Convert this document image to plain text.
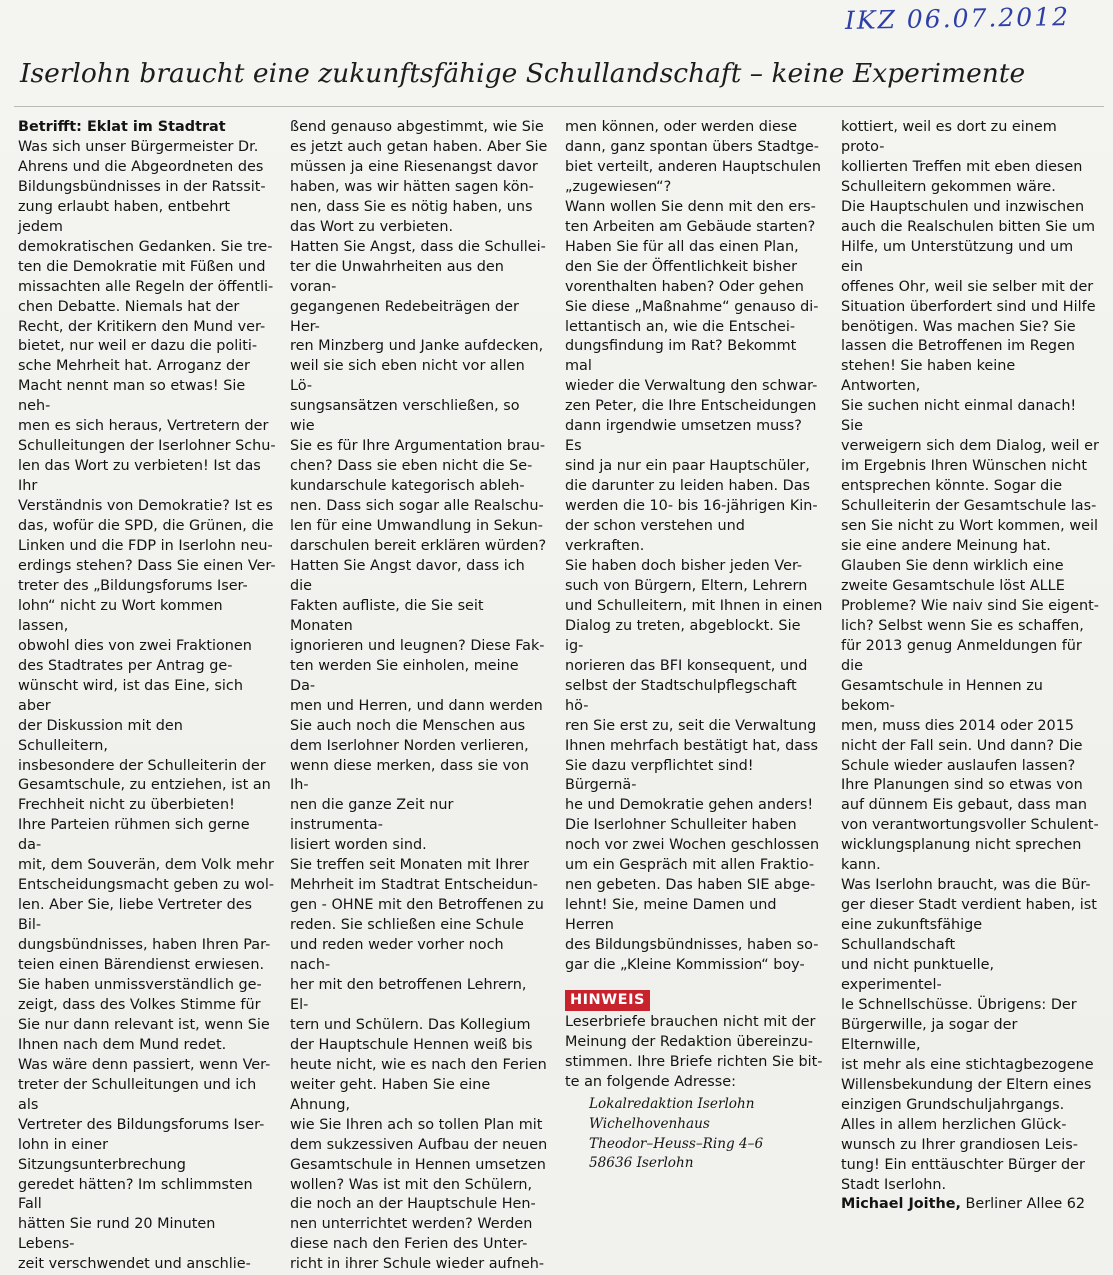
IKZ 06.07.2012
Iserlohn braucht eine zukunftsfähige Schullandschaft – keine Experimente
Betrifft: Eklat im Stadtrat

Was sich unser Bürgermeister Dr.
Ahrens und die Abgeordneten des
Bildungsbündnisses in der Ratssit-
zung erlaubt haben, entbehrt jedem
demokratischen Gedanken. Sie tre-
ten die Demokratie mit Füßen und
missachten alle Regeln der öffentli-
chen Debatte. Niemals hat der
Recht, der Kritikern den Mund ver-
bietet, nur weil er dazu die politi-
sche Mehrheit hat. Arroganz der
Macht nennt man so etwas! Sie neh-
men es sich heraus, Vertretern der
Schulleitungen der Iserlohner Schu-
len das Wort zu verbieten! Ist das Ihr
Verständnis von Demokratie? Ist es
das, wofür die SPD, die Grünen, die
Linken und die FDP in Iserlohn neu-
erdings stehen? Dass Sie einen Ver-
treter des „Bildungsforums Iser-
lohn“ nicht zu Wort kommen lassen,
obwohl dies von zwei Fraktionen
des Stadtrates per Antrag ge-
wünscht wird, ist das Eine, sich aber
der Diskussion mit den Schulleitern,
insbesondere der Schulleiterin der
Gesamtschule, zu entziehen, ist an
Frechheit nicht zu überbieten!
Ihre Parteien rühmen sich gerne da-
mit, dem Souverän, dem Volk mehr
Entscheidungsmacht geben zu wol-
len. Aber Sie, liebe Vertreter des Bil-
dungsbündnisses, haben Ihren Par-
teien einen Bärendienst erwiesen.
Sie haben unmissverständlich ge-
zeigt, dass des Volkes Stimme für
Sie nur dann relevant ist, wenn Sie
Ihnen nach dem Mund redet.
Was wäre denn passiert, wenn Ver-
treter der Schulleitungen und ich als
Vertreter des Bildungsforums Iser-
lohn in einer Sitzungsunterbrechung
geredet hätten? Im schlimmsten Fall
hätten Sie rund 20 Minuten Lebens-
zeit verschwendet und anschlie-

ßend genauso abgestimmt, wie Sie
es jetzt auch getan haben. Aber Sie
müssen ja eine Riesenangst davor
haben, was wir hätten sagen kön-
nen, dass Sie es nötig haben, uns
das Wort zu verbieten.
Hatten Sie Angst, dass die Schullei-
ter die Unwahrheiten aus den voran-
gegangenen Redebeiträgen der Her-
ren Minzberg und Janke aufdecken,
weil sie sich eben nicht vor allen Lö-
sungsansätzen verschließen, so wie
Sie es für Ihre Argumentation brau-
chen? Dass sie eben nicht die Se-
kundarschule kategorisch ableh-
nen. Dass sich sogar alle Realschu-
len für eine Umwandlung in Sekun-
darschulen bereit erklären würden?
Hatten Sie Angst davor, dass ich die
Fakten aufliste, die Sie seit Monaten
ignorieren und leugnen? Diese Fak-
ten werden Sie einholen, meine Da-
men und Herren, und dann werden
Sie auch noch die Menschen aus
dem Iserlohner Norden verlieren,
wenn diese merken, dass sie von Ih-
nen die ganze Zeit nur instrumenta-
lisiert worden sind.
Sie treffen seit Monaten mit Ihrer
Mehrheit im Stadtrat Entscheidun-
gen - OHNE mit den Betroffenen zu
reden. Sie schließen eine Schule
und reden weder vorher noch nach-
her mit den betroffenen Lehrern, El-
tern und Schülern. Das Kollegium
der Hauptschule Hennen weiß bis
heute nicht, wie es nach den Ferien
weiter geht. Haben Sie eine Ahnung,
wie Sie Ihren ach so tollen Plan mit
dem sukzessiven Aufbau der neuen
Gesamtschule in Hennen umsetzen
wollen? Was ist mit den Schülern,
die noch an der Hauptschule Hen-
nen unterrichtet werden? Werden
diese nach den Ferien des Unter-
richt in ihrer Schule wieder aufneh-

men können, oder werden diese
dann, ganz spontan übers Stadtge-
biet verteilt, anderen Hauptschulen
„zugewiesen“?
Wann wollen Sie denn mit den ers-
ten Arbeiten am Gebäude starten?
Haben Sie für all das einen Plan,
den Sie der Öffentlichkeit bisher
vorenthalten haben? Oder gehen
Sie diese „Maßnahme“ genauso di-
lettantisch an, wie die Entschei-
dungsfindung im Rat? Bekommt mal
wieder die Verwaltung den schwar-
zen Peter, die Ihre Entscheidungen
dann irgendwie umsetzen muss? Es
sind ja nur ein paar Hauptschüler,
die darunter zu leiden haben. Das
werden die 10- bis 16-jährigen Kin-
der schon verstehen und verkraften.
Sie haben doch bisher jeden Ver-
such von Bürgern, Eltern, Lehrern
und Schulleitern, mit Ihnen in einen
Dialog zu treten, abgeblockt. Sie ig-
norieren das BFI konsequent, und
selbst der Stadtschulpflegschaft hö-
ren Sie erst zu, seit die Verwaltung
Ihnen mehrfach bestätigt hat, dass
Sie dazu verpflichtet sind! Bürgernä-
he und Demokratie gehen anders!
Die Iserlohner Schulleiter haben
noch vor zwei Wochen geschlossen
um ein Gespräch mit allen Fraktio-
nen gebeten. Das haben SIE abge-
lehnt! Sie, meine Damen und Herren
des Bildungsbündnisses, haben so-
gar die „Kleine Kommission“ boy-

HINWEIS
Leserbriefe brauchen nicht mit der
Meinung der Redaktion übereinzu-
stimmen. Ihre Briefe richten Sie bit-
te an folgende Adresse:
Lokalredaktion Iserlohn
Wichelhovenhaus
Theodor–Heuss–Ring 4–6
58636 Iserlohn

kottiert, weil es dort zu einem proto-
kollierten Treffen mit eben diesen
Schulleitern gekommen wäre.
Die Hauptschulen und inzwischen
auch die Realschulen bitten Sie um
Hilfe, um Unterstützung und um ein
offenes Ohr, weil sie selber mit der
Situation überfordert sind und Hilfe
benötigen. Was machen Sie? Sie
lassen die Betroffenen im Regen
stehen! Sie haben keine Antworten,
Sie suchen nicht einmal danach! Sie
verweigern sich dem Dialog, weil er
im Ergebnis Ihren Wünschen nicht
entsprechen könnte. Sogar die
Schulleiterin der Gesamtschule las-
sen Sie nicht zu Wort kommen, weil
sie eine andere Meinung hat.
Glauben Sie denn wirklich eine
zweite Gesamtschule löst ALLE
Probleme? Wie naiv sind Sie eigent-
lich? Selbst wenn Sie es schaffen,
für 2013 genug Anmeldungen für die
Gesamtschule in Hennen zu bekom-
men, muss dies 2014 oder 2015
nicht der Fall sein. Und dann? Die
Schule wieder auslaufen lassen?
Ihre Planungen sind so etwas von
auf dünnem Eis gebaut, dass man
von verantwortungsvoller Schulent-
wicklungsplanung nicht sprechen
kann.
Was Iserlohn braucht, was die Bür-
ger dieser Stadt verdient haben, ist
eine zukunftsfähige Schullandschaft
und nicht punktuelle, experimentel-
le Schnellschüsse. Übrigens: Der
Bürgerwille, ja sogar der Elternwille,
ist mehr als eine stichtagbezogene
Willensbekundung der Eltern eines
einzigen Grundschuljahrgangs.
Alles in allem herzlichen Glück-
wunsch zu Ihrer grandiosen Leis-
tung! Ein enttäuschter Bürger der
Stadt Iserlohn.

Michael Joithe, Berliner Allee 62
